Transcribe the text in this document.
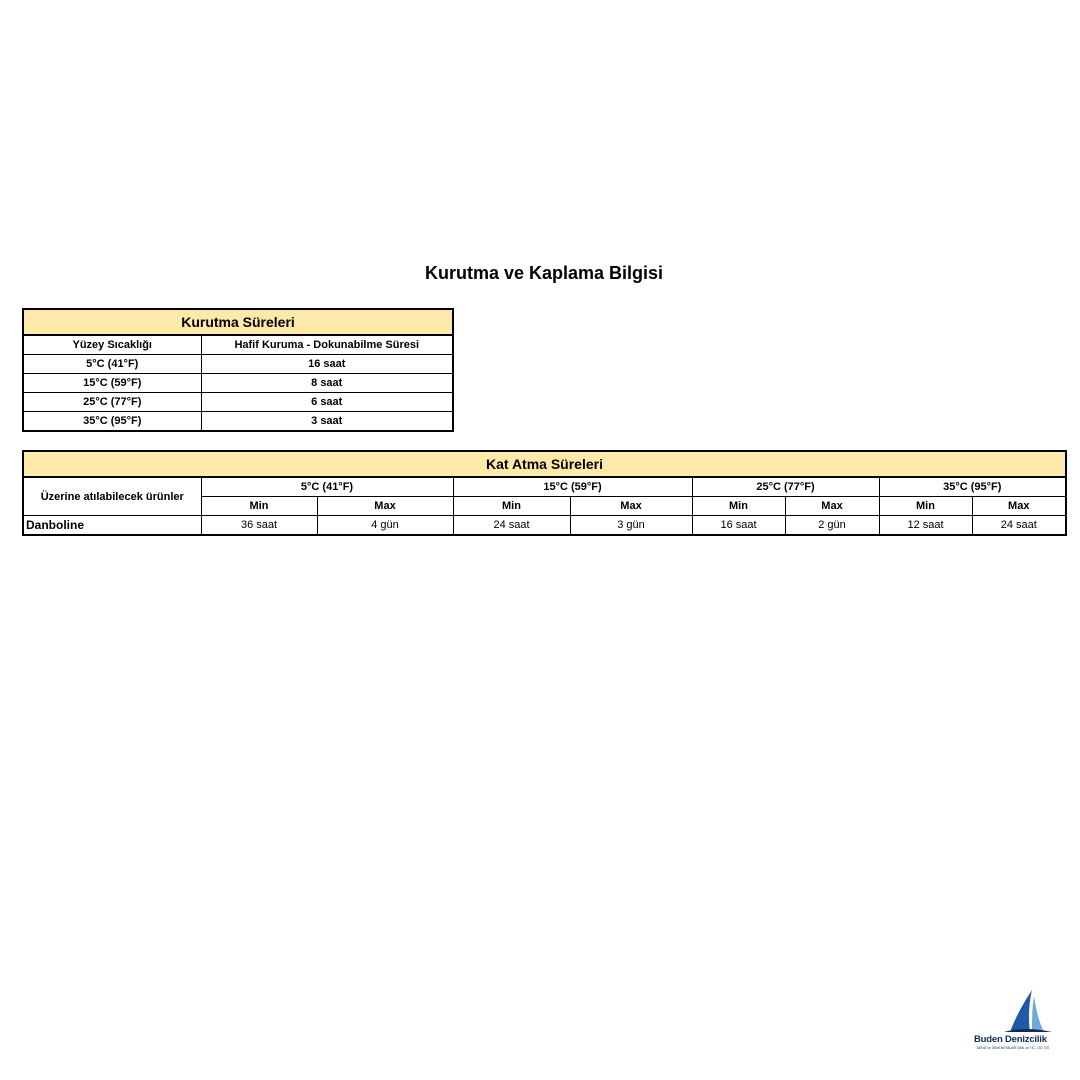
Kurutma ve Kaplama Bilgisi
Kurutma Süreleri	
Yüzey Sıcaklığı	Hafif Kuruma - Dokunabilme Süresi
5°C (41°F)	16 saat
15°C (59°F)	8 saat
25°C (77°F)	6 saat
35°C (95°F)	3 saat
Kat Atma Süreleri								
Üzerine atılabilecek ürünler	5°C (41°F)		15°C (59°F)		25°C (77°F)		35°C (95°F)	
	Min	Max	Min	Max	Min	Max	Min	Max
Danboline	36 saat	4 gün	24 saat	3 gün	16 saat	2 gün	12 saat	24 saat
Buden Denizcilik
DENİZ ve GEMİ BOYALARI SAN. ve TİC. LTD. ŞTİ.
